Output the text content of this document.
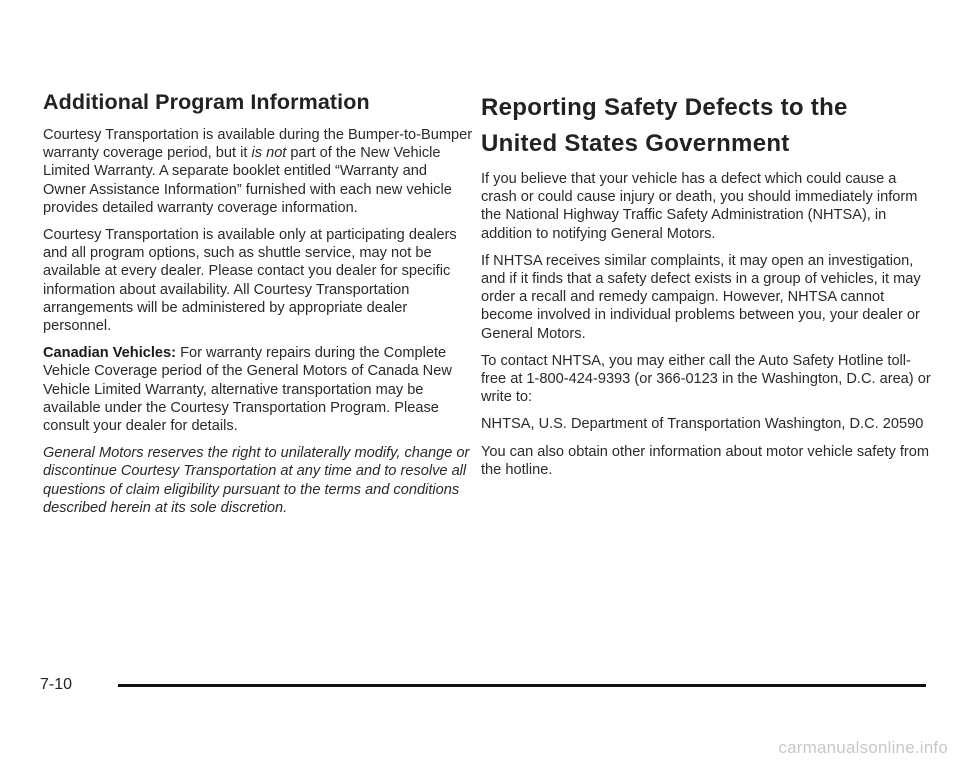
Additional Program Information

Courtesy Transportation is available during the Bumper-to-Bumper warranty coverage period, but it is not part of the New Vehicle Limited Warranty. A separate booklet entitled “Warranty and Owner Assistance Information” furnished with each new vehicle provides detailed warranty coverage information.

Courtesy Transportation is available only at participating dealers and all program options, such as shuttle service, may not be available at every dealer. Please contact you dealer for specific information about availability. All Courtesy Transportation arrangements will be administered by appropriate dealer personnel.

Canadian Vehicles: For warranty repairs during the Complete Vehicle Coverage period of the General Motors of Canada New Vehicle Limited Warranty, alternative transportation may be available under the Courtesy Transportation Program. Please consult your dealer for details.

General Motors reserves the right to unilaterally modify, change or discontinue Courtesy Transportation at any time and to resolve all questions of claim eligibility pursuant to the terms and conditions described herein at its sole discretion.

Reporting Safety Defects to the United States Government

If you believe that your vehicle has a defect which could cause a crash or could cause injury or death, you should immediately inform the National Highway Traffic Safety Administration (NHTSA), in addition to notifying General Motors.

If NHTSA receives similar complaints, it may open an investigation, and if it finds that a safety defect exists in a group of vehicles, it may order a recall and remedy campaign. However, NHTSA cannot become involved in individual problems between you, your dealer or General Motors.

To contact NHTSA, you may either call the Auto Safety Hotline toll-free at 1-800-424-9393 (or 366-0123 in the Washington, D.C. area) or write to:

NHTSA, U.S. Department of Transportation Washington, D.C. 20590

You can also obtain other information about motor vehicle safety from the hotline.

7-10
carmanualsonline.info
